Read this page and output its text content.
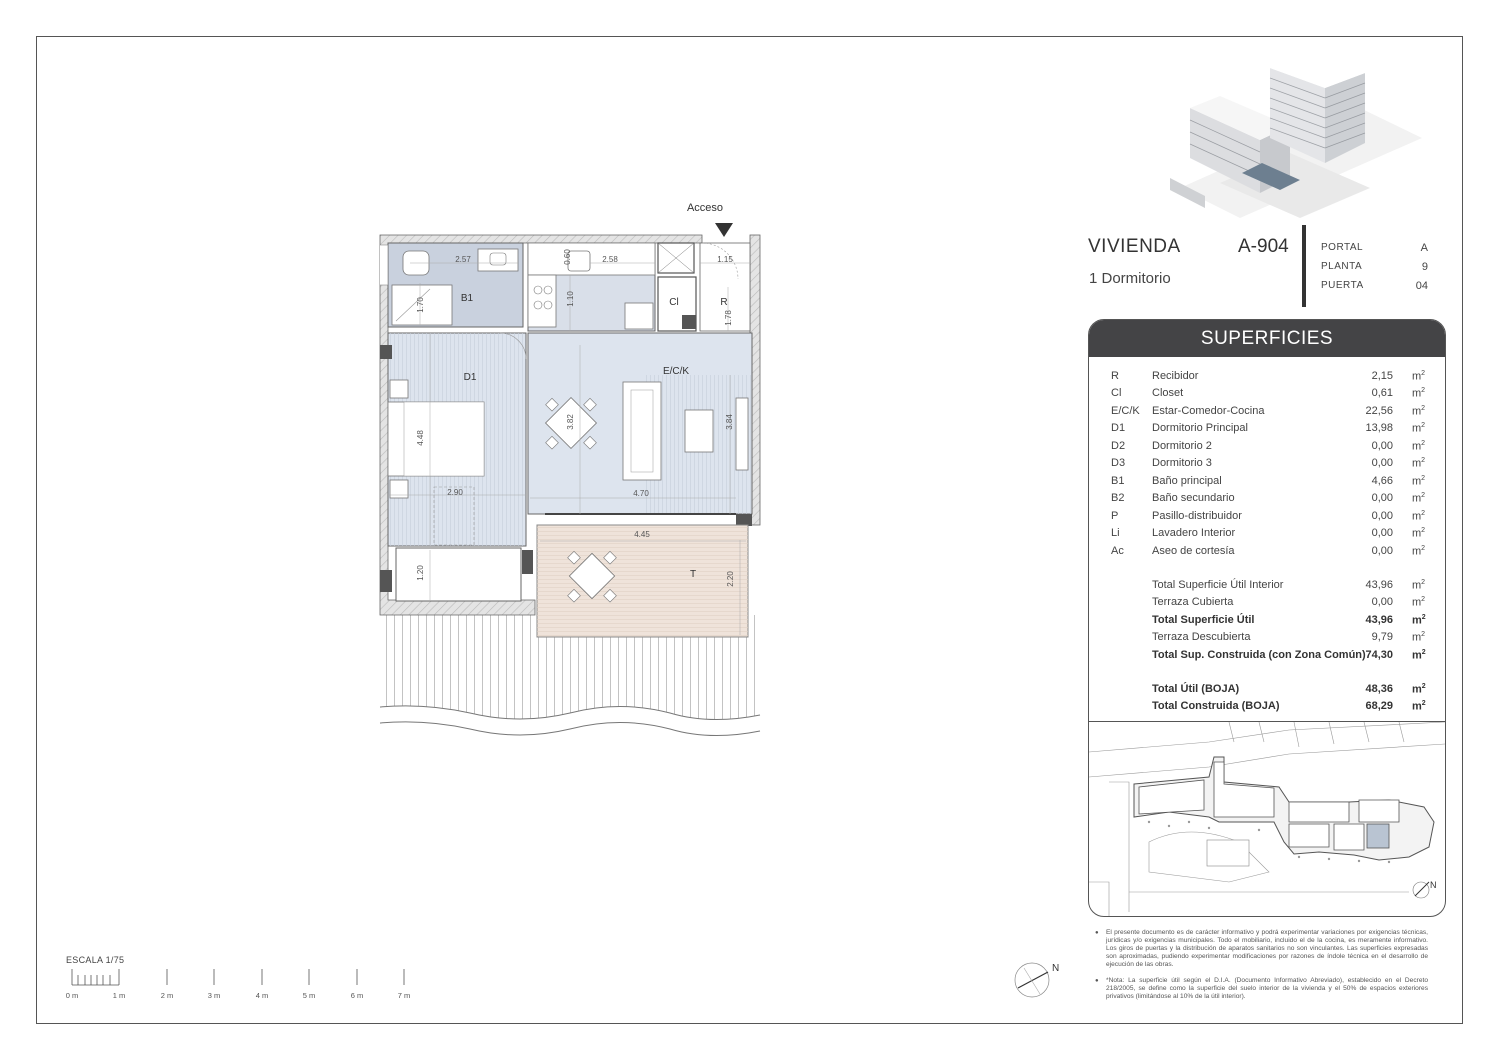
Acceso
B1
D1
E/C/K
R
Cl
T
2.57	0.60	2.58	1.15
1.70	1.10
1.78
4.48
3.82	3.84
2.90	4.70
4.45
1.20	2.20
VIVIENDA	A-904
1 Dormitorio
PORTAL	A
PLANTA	9
PUERTA	04
SUPERFICIES
R	Recibidor	2,15 $m^2$
Cl	Closet	0,61 $m^2$
E/C/K Estar-Comedor-Cocina	22,56 $m^2$
D1 Dormitorio Principal	13,98 $m^2$
D2 Dormitorio 2	0,00 $m^2$
D3 Dormitorio 3	0,00 $m^2$
B1	Baño principal	4,66 $m^2$
B2	Baño secundario	0,00 $m^2$
P	Pasillo-distribuidor	0,00 $m^2$
Li	Lavadero Interior	0,00 $m^2$
Ac	Aseo de cortesía	0,00 $m^2$
Total Superficie Útil Interior	43,96 $m^2$
Terraza Cubierta	0,00 $m^2$
Total Superficie Útil	43,96 $m^2$
Terraza Descubierta	9,79 $m^2$
Total Sup. Construida (con Zona Común) 74,30 $m^2$
Total Útil (BOJA)	48,36 $m^2$
Total Construida (BOJA)	68,29 $m^2$
N

● El presente documento es de carácter informativo y podrá experimentar variaciones por exigencias técnicas, jurídicas y/o exigencias municipales. Todo el mobiliario, incluido el de la cocina, es meramente informativo. Los giros de puertas y la distribución de aparatos sanitarios no son vinculantes. Las superficies expresadas son aproximadas, pudiendo experimentar modificaciones por razones de índole técnica en el desarrollo de ejecución de las obras.

● *Nota: La superficie útil según el D.I.A. (Documento Informativo Abreviado), establecido en el Decreto 218/2005, se define como la superficie del suelo interior de la vivienda y el 50% de espacios exteriores privativos (limitándose al 10% de la útil interior).

ESCALA 1/75
0 m	1 m	2 m	3 m	4 m	5 m	6 m	7 m
N
